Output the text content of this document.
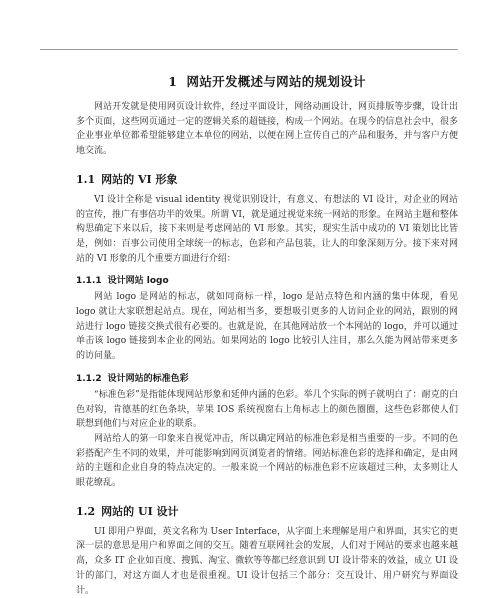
1 网站开发概述与网站的规划设计

网站开发就是使用网页设计软件，经过平面设计，网络动画设计，网页排版等步骤，设计出多个页面，这些网页通过一定的逻辑关系的超链接，构成一个网站。在现今的信息社会中，很多企业事业单位都希望能够建立本单位的网站，以便在网上宣传自己的产品和服务，并与客户方便地交流。

1.1 网站的 VI 形象

VI 设计全称是 visual identity 视觉识别设计，有意义、有想法的 VI 设计，对企业的网站的宣传，推广有事倍功半的效果。所谓 VI，就是通过视觉来统一网站的形象。在网站主题和整体构思确定下来以后，接下来则是考虑网站的 VI 形象。其实，现实生活中成功的 VI 策划比比皆是，例如：百事公司使用全球统一的标志，色彩和产品包装，让人的印象深刻万分。接下来对网站的 VI 形象的几个重要方面进行介绍：

1.1.1 设计网站 logo

网站 logo 是网站的标志，就如同商标一样，logo 是站点特色和内涵的集中体现，看见 logo 就让大家联想起站点。现在，网站相当多，要想吸引更多的人访问企业的网站，跟别的网站进行 logo 链接交换式很有必要的。也就是说，在其他网站放一个本网站的 logo，并可以通过单击该 logo 链接到本企业的网站。如果网站的 logo 比较引人注目，那么久能为网站带来更多的访问量。

1.1.2 设计网站的标准色彩

“标准色彩”是指能体现网站形象和延伸内涵的色彩。举几个实际的例子就明白了：耐克的白色对钩，肯德基的红色条块，苹果 IOS 系统视窗右上角标志上的颜色圈圈，这些色彩都使人们联想到他们与对应企业的联系。

网站给人的第一印象来自视觉冲击，所以确定网站的标准色彩是相当重要的一步。不同的色彩搭配产生不同的效果，并可能影响到网页浏览者的情绪。网站标准色彩的选择和确定，是由网站的主题和企业自身的特点决定的。一般来说一个网站的标准色彩不应该超过三种，太多则让人眼花缭乱。

1.2 网站的 UI 设计

UI 即用户界面，英文名称为 User Interface，从字面上来理解是用户和界面，其实它的更深一层的意思是用户和界面之间的交互。随着互联网社会的发展，人们对于网站的要求也越来越高，众多 IT 企业如百度、搜狐、淘宝、微软等等都已经意识到 UI 设计带来的效益，成立 UI 设计的部门，对这方面人才也是很重视。UI 设计包括三个部分：交互设计、用户研究与界面设计。
